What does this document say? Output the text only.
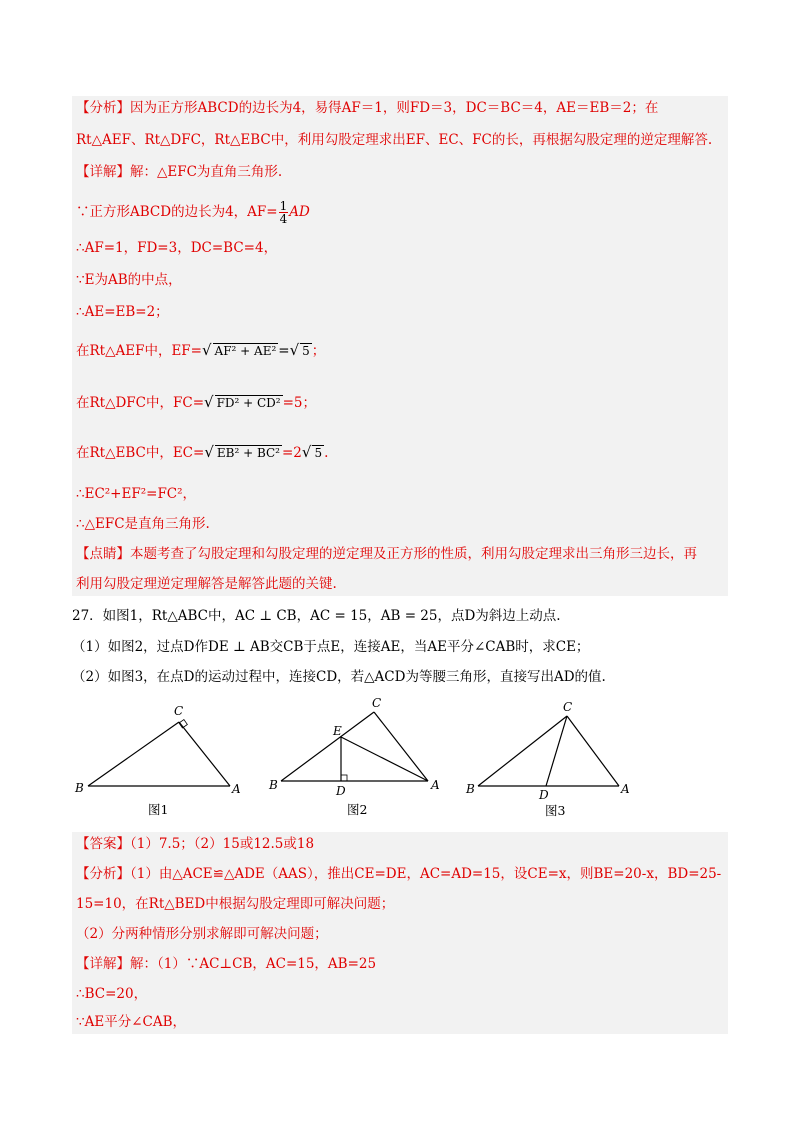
【分析】因为正方形ABCD的边长为4，易得AF＝1，则FD＝3，DC＝BC＝4，AE＝EB＝2；在
Rt△AEF、Rt△DFC，Rt△EBC中，利用勾股定理求出EF、EC、FC的长，再根据勾股定理的逆定理解答.
【详解】解：△EFC为直角三角形.
∵正方形ABCD的边长为4，$AF= \frac{1}{4}$ AD
∴AF=1，FD=3，DC=BC=4，
∵E为AB的中点，
∴AE=EB=2；
在Rt△AEF中，EF=√ AF² + AE² =√ 5 ；
在Rt△DFC中，FC=√ FD² + CD² =5；
在Rt△EBC中，EC=√ EB² + BC² =2√ 5 .
∴EC²+EF²=FC²，
∴△EFC是直角三角形.
【点睛】本题考查了勾股定理和勾股定理的逆定理及正方形的性质，利用勾股定理求出三角形三边长，再
利用勾股定理逆定理解答是解答此题的关键.
27．如图1，Rt△ABC中，AC ⊥ CB，AC = 15，AB = 25，点D为斜边上动点.
（1）如图2，过点D作DE ⊥ AB交CB于点E，连接AE，当AE平分∠CAB时，求CE；
（2）如图3，在点D的运动过程中，连接CD，若△ACD为等腰三角形，直接写出AD的值.
B
C
A
图1
B
C
E
D	A
图2
B
C
D	A
图3
【答案】（1）7.5；（2）15或12.5或18
【分析】（1）由△ACE≌△ADE（AAS），推出CE=DE，AC=AD=15，设CE=x，则BE=20-x，BD=25-
15=10，在Rt△BED中根据勾股定理即可解决问题；
（2）分两种情形分别求解即可解决问题；
【详解】解：（1）∵AC⊥CB，AC=15，AB=25
∴BC=20，
∵AE平分∠CAB，
